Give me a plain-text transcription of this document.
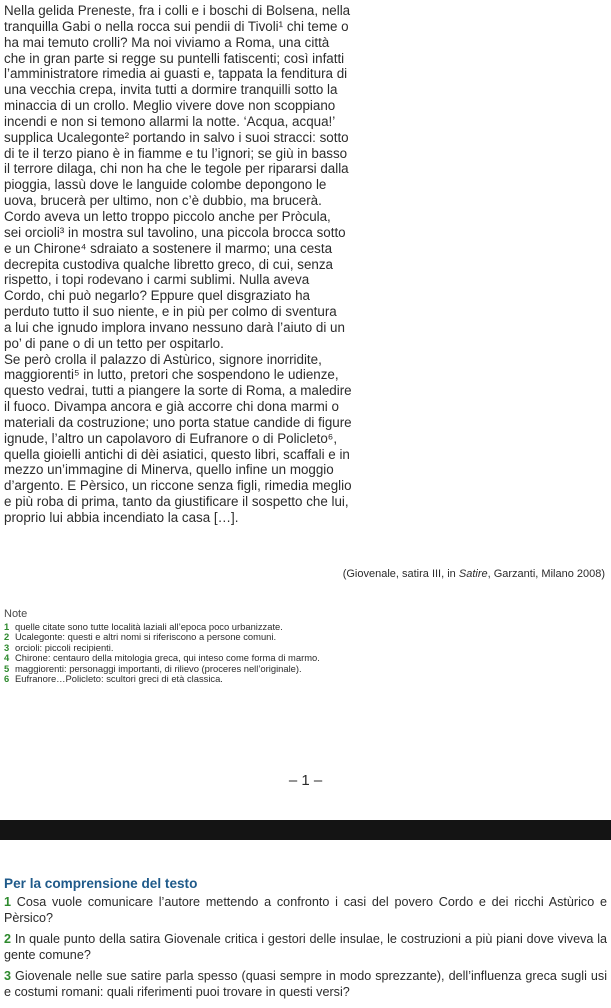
Nella gelida Preneste, fra i colli e i boschi di Bolsena, nella
tranquilla Gabi o nella rocca sui pendii di Tivoli¹ chi teme o
ha mai temuto crolli? Ma noi viviamo a Roma, una città
che in gran parte si regge su puntelli fatiscenti; così infatti
l’amministratore rimedia ai guasti e, tappata la fenditura di
una vecchia crepa, invita tutti a dormire tranquilli sotto la
minaccia di un crollo. Meglio vivere dove non scoppiano
incendi e non si temono allarmi la notte. ‘Acqua, acqua!’
supplica Ucalegonte² portando in salvo i suoi stracci: sotto
di te il terzo piano è in fiamme e tu l’ignori; se giù in basso
il terrore dilaga, chi non ha che le tegole per ripararsi dalla
pioggia, lassù dove le languide colombe depongono le
uova, brucerà per ultimo, non c’è dubbio, ma brucerà.
Cordo aveva un letto troppo piccolo anche per Pròcula,
sei orcioli³ in mostra sul tavolino, una piccola brocca sotto
e un Chirone⁴ sdraiato a sostenere il marmo; una cesta
decrepita custodiva qualche libretto greco, di cui, senza
rispetto, i topi rodevano i carmi sublimi. Nulla aveva
Cordo, chi può negarlo? Eppure quel disgraziato ha
perduto tutto il suo niente, e in più per colmo di sventura
a lui che ignudo implora invano nessuno darà l’aiuto di un
po’ di pane o di un tetto per ospitarlo.
Se però crolla il palazzo di Astùrico, signore inorridite,
maggiorenti⁵ in lutto, pretori che sospendono le udienze,
questo vedrai, tutti a piangere la sorte di Roma, a maledire
il fuoco. Divampa ancora e già accorre chi dona marmi o
materiali da costruzione; uno porta statue candide di figure
ignude, l’altro un capolavoro di Eufranore o di Policleto⁶,
quella gioielli antichi di dèi asiatici, questo libri, scaffali e in
mezzo un’immagine di Minerva, quello infine un moggio
d’argento. E Pèrsico, un riccone senza figli, rimedia meglio
e più roba di prima, tanto da giustificare il sospetto che lui,
proprio lui abbia incendiato la casa […].
(Giovenale, satira III, in Satire, Garzanti, Milano 2008)
Note
1 quelle citate sono tutte località laziali all’epoca poco urbanizzate.
2 Ucalegonte: questi e altri nomi si riferiscono a persone comuni.
3 orcioli: piccoli recipienti.
4 Chirone: centauro della mitologia greca, qui inteso come forma di marmo.
5 maggiorenti: personaggi importanti, di rilievo (proceres nell’originale).
6 Eufranore…Policleto: scultori greci di età classica.
– 1 –
Per la comprensione del testo
1 Cosa vuole comunicare l’autore mettendo a confronto i casi del povero Cordo e dei ricchi Astùrico e Pèrsico?
2 In quale punto della satira Giovenale critica i gestori delle insulae, le costruzioni a più piani dove viveva la gente comune?
3 Giovenale nelle sue satire parla spesso (quasi sempre in modo sprezzante), dell’influenza greca sugli usi e costumi romani: quali riferimenti puoi trovare in questi versi?
